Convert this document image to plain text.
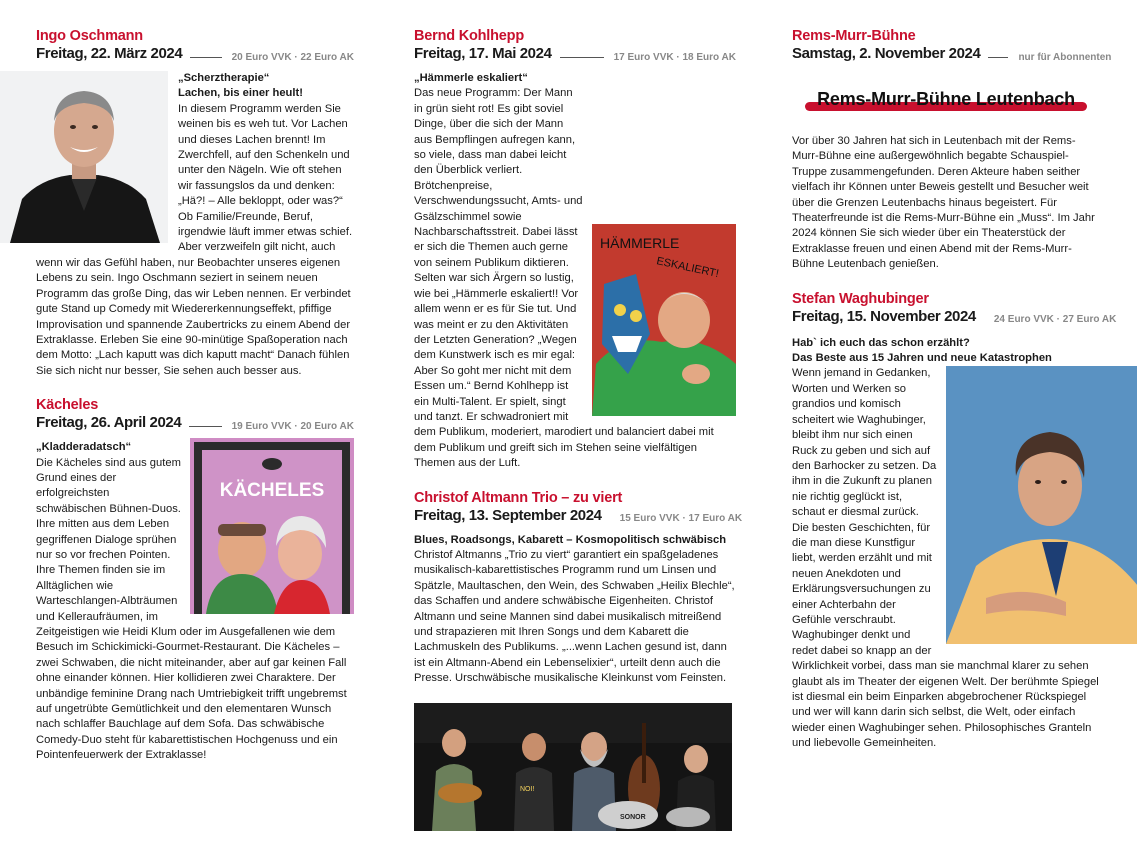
Ingo Oschmann
Freitag, 22. März 2024	20 Euro VVK · 22 Euro AK

„Scherztherapie“

Lachen, bis einer heult!

In diesem Programm werden Sie weinen bis es weh tut. Vor Lachen und dieses Lachen brennt! Im Zwerchfell, auf den Schenkeln und unter den Nägeln. Wie oft stehen wir fassungslos da und denken: „Hä?! – Alle bekloppt, oder was?“ Ob Familie/Freunde, Beruf, irgendwie läuft immer etwas schief. Aber verzweifeln gilt nicht, auch wenn wir das Gefühl haben, nur Beobachter unseres eigenen Lebens zu sein. Ingo Oschmann seziert in seinem neuen Programm das große Ding, das wir Leben nennen. Er verbindet gute Stand up Comedy mit Wiedererkennungseffekt, pfiffige Improvisation und spannende Zaubertricks zu einem Abend der Extraklasse. Erleben Sie eine 90-minütige Spaßoperation nach dem Motto: „Lach kaputt was dich kaputt macht“ Danach fühlen Sie sich nicht nur besser, Sie sehen auch besser aus.

Kächeles
Freitag, 26. April 2024	19 Euro VVK · 20 Euro AK
KÄCHELES

„Kladderadatsch“

Die Kächeles sind aus gutem Grund eines der erfolgreichsten schwäbischen Bühnen-Duos. Ihre mitten aus dem Leben gegriffenen Dialoge sprühen nur so vor frechen Pointen. Ihre Themen finden sie im Alltäglichen wie Warteschlangen-Albträumen und Kelleraufräumen, im Zeitgeistigen wie Heidi Klum oder im Ausgefallenen wie dem Besuch im Schickimicki-Gourmet-Restaurant. Die Kächeles – zwei Schwaben, die nicht miteinander, aber auf gar keinen Fall ohne einander können. Hier kollidieren zwei Charaktere. Der unbändige feminine Drang nach Umtriebigkeit trifft ungebremst auf ungetrübte Gemütlichkeit und den elementaren Wunsch nach schlaffer Bauchlage auf dem Sofa. Das schwäbische Comedy-Duo steht für kabarettistischen Hochgenuss und ein Pointenfeuerwerk der Extraklasse!

Bernd Kohlhepp
Freitag, 17. Mai 2024	17 Euro VVK · 18 Euro AK

„Hämmerle eskaliert“

HÄMMERLE
ESKALIERT!

Das neue Programm: Der Mann in grün sieht rot! Es gibt soviel Dinge, über die sich der Mann aus Bempflingen aufregen kann, so viele, dass man dabei leicht den Überblick verliert. Brötchenpreise, Verschwendungssucht, Amts- und Gsälzschimmel sowie Nachbarschaftsstreit. Dabei lässt er sich die Themen auch gerne von seinem Publikum diktieren. Selten war sich Ärgern so lustig, wie bei „Hämmerle eskaliert!! Vor allem wenn er es für Sie tut. Und was meint er zu den Aktivitäten der Letzten Generation? „Wegen dem Kunstwerk isch es mir egal: Aber So goht mer nicht mit dem Essen um.“ Bernd Kohlhepp ist ein Multi-Talent. Er spielt, singt und tanzt. Er schwadroniert mit dem Publikum, moderiert, marodiert und balanciert dabei mit dem Publikum und greift sich im Stehen seine vielfältigen Themen aus der Luft.

Christof Altmann Trio – zu viert
Freitag, 13. September 2024 15 Euro VVK · 17 Euro AK

Blues, Roadsongs, Kabarett – Kosmopolitisch schwäbisch

Christof Altmanns „Trio zu viert“ garantiert ein spaßgeladenes musikalisch-kabarettistisches Programm rund um Linsen und Spätzle, Maultaschen, den Wein, des Schwaben „Heilix Blechle“, das Schaffen und andere schwäbische Eigenheiten. Christof Altmann und seine Mannen sind dabei musikalisch mitreißend und strapazieren mit Ihren Songs und dem Kabarett die Lachmuskeln des Publikums. „...wenn Lachen gesund ist, dann ist ein Altmann-Abend ein Lebenselixier“, urteilt denn auch die Presse. Urschwäbische musikalische Kleinkunst vom Feinsten.

NOI!
SONOR
Rems-Murr-Bühne
Samstag, 2. November 2024	nur für Abonnenten
Rems-Murr-Bühne Leutenbach

Vor über 30 Jahren hat sich in Leutenbach mit der Rems-Murr-Bühne eine außergewöhnlich begabte Schauspiel-Truppe zusammengefunden. Deren Akteure haben seither vielfach ihr Können unter Beweis gestellt und Besucher weit über die Grenzen Leutenbachs hinaus begeistert. Für Theaterfreunde ist die Rems-Murr-Bühne ein „Muss“. Im Jahr 2024 können Sie sich wieder über ein Theaterstück der Extraklasse freuen und einen Abend mit der Rems-Murr-Bühne Leutenbach genießen.

Stefan Waghubinger
Freitag, 15. November 2024 24 Euro VVK · 27 Euro AK

Hab` ich euch das schon erzählt?

Das Beste aus 15 Jahren und neue Katastrophen

Wenn jemand in Gedanken, Worten und Werken so grandios und komisch scheitert wie Waghubinger, bleibt ihm nur sich einen Ruck zu geben und sich auf den Barhocker zu setzen. Da ihm in die Zukunft zu planen nie richtig geglückt ist, schaut er diesmal zurück. Die besten Geschichten, für die man diese Kunstfigur liebt, werden erzählt und mit neuen Anekdoten und Erklärungsversuchungen zu einer Achterbahn der Gefühle verschraubt. Waghubinger denkt und redet dabei so knapp an der Wirklichkeit vorbei, dass man sie manchmal klarer zu sehen glaubt als im Theater der eigenen Welt. Der berühmte Spiegel ist diesmal ein beim Einparken abgebrochener Rückspiegel und wer will kann darin sich selbst, die Welt, oder einfach wieder einen Waghubinger sehen. Philosophisches Granteln und liebevolle Gemeinheiten.
